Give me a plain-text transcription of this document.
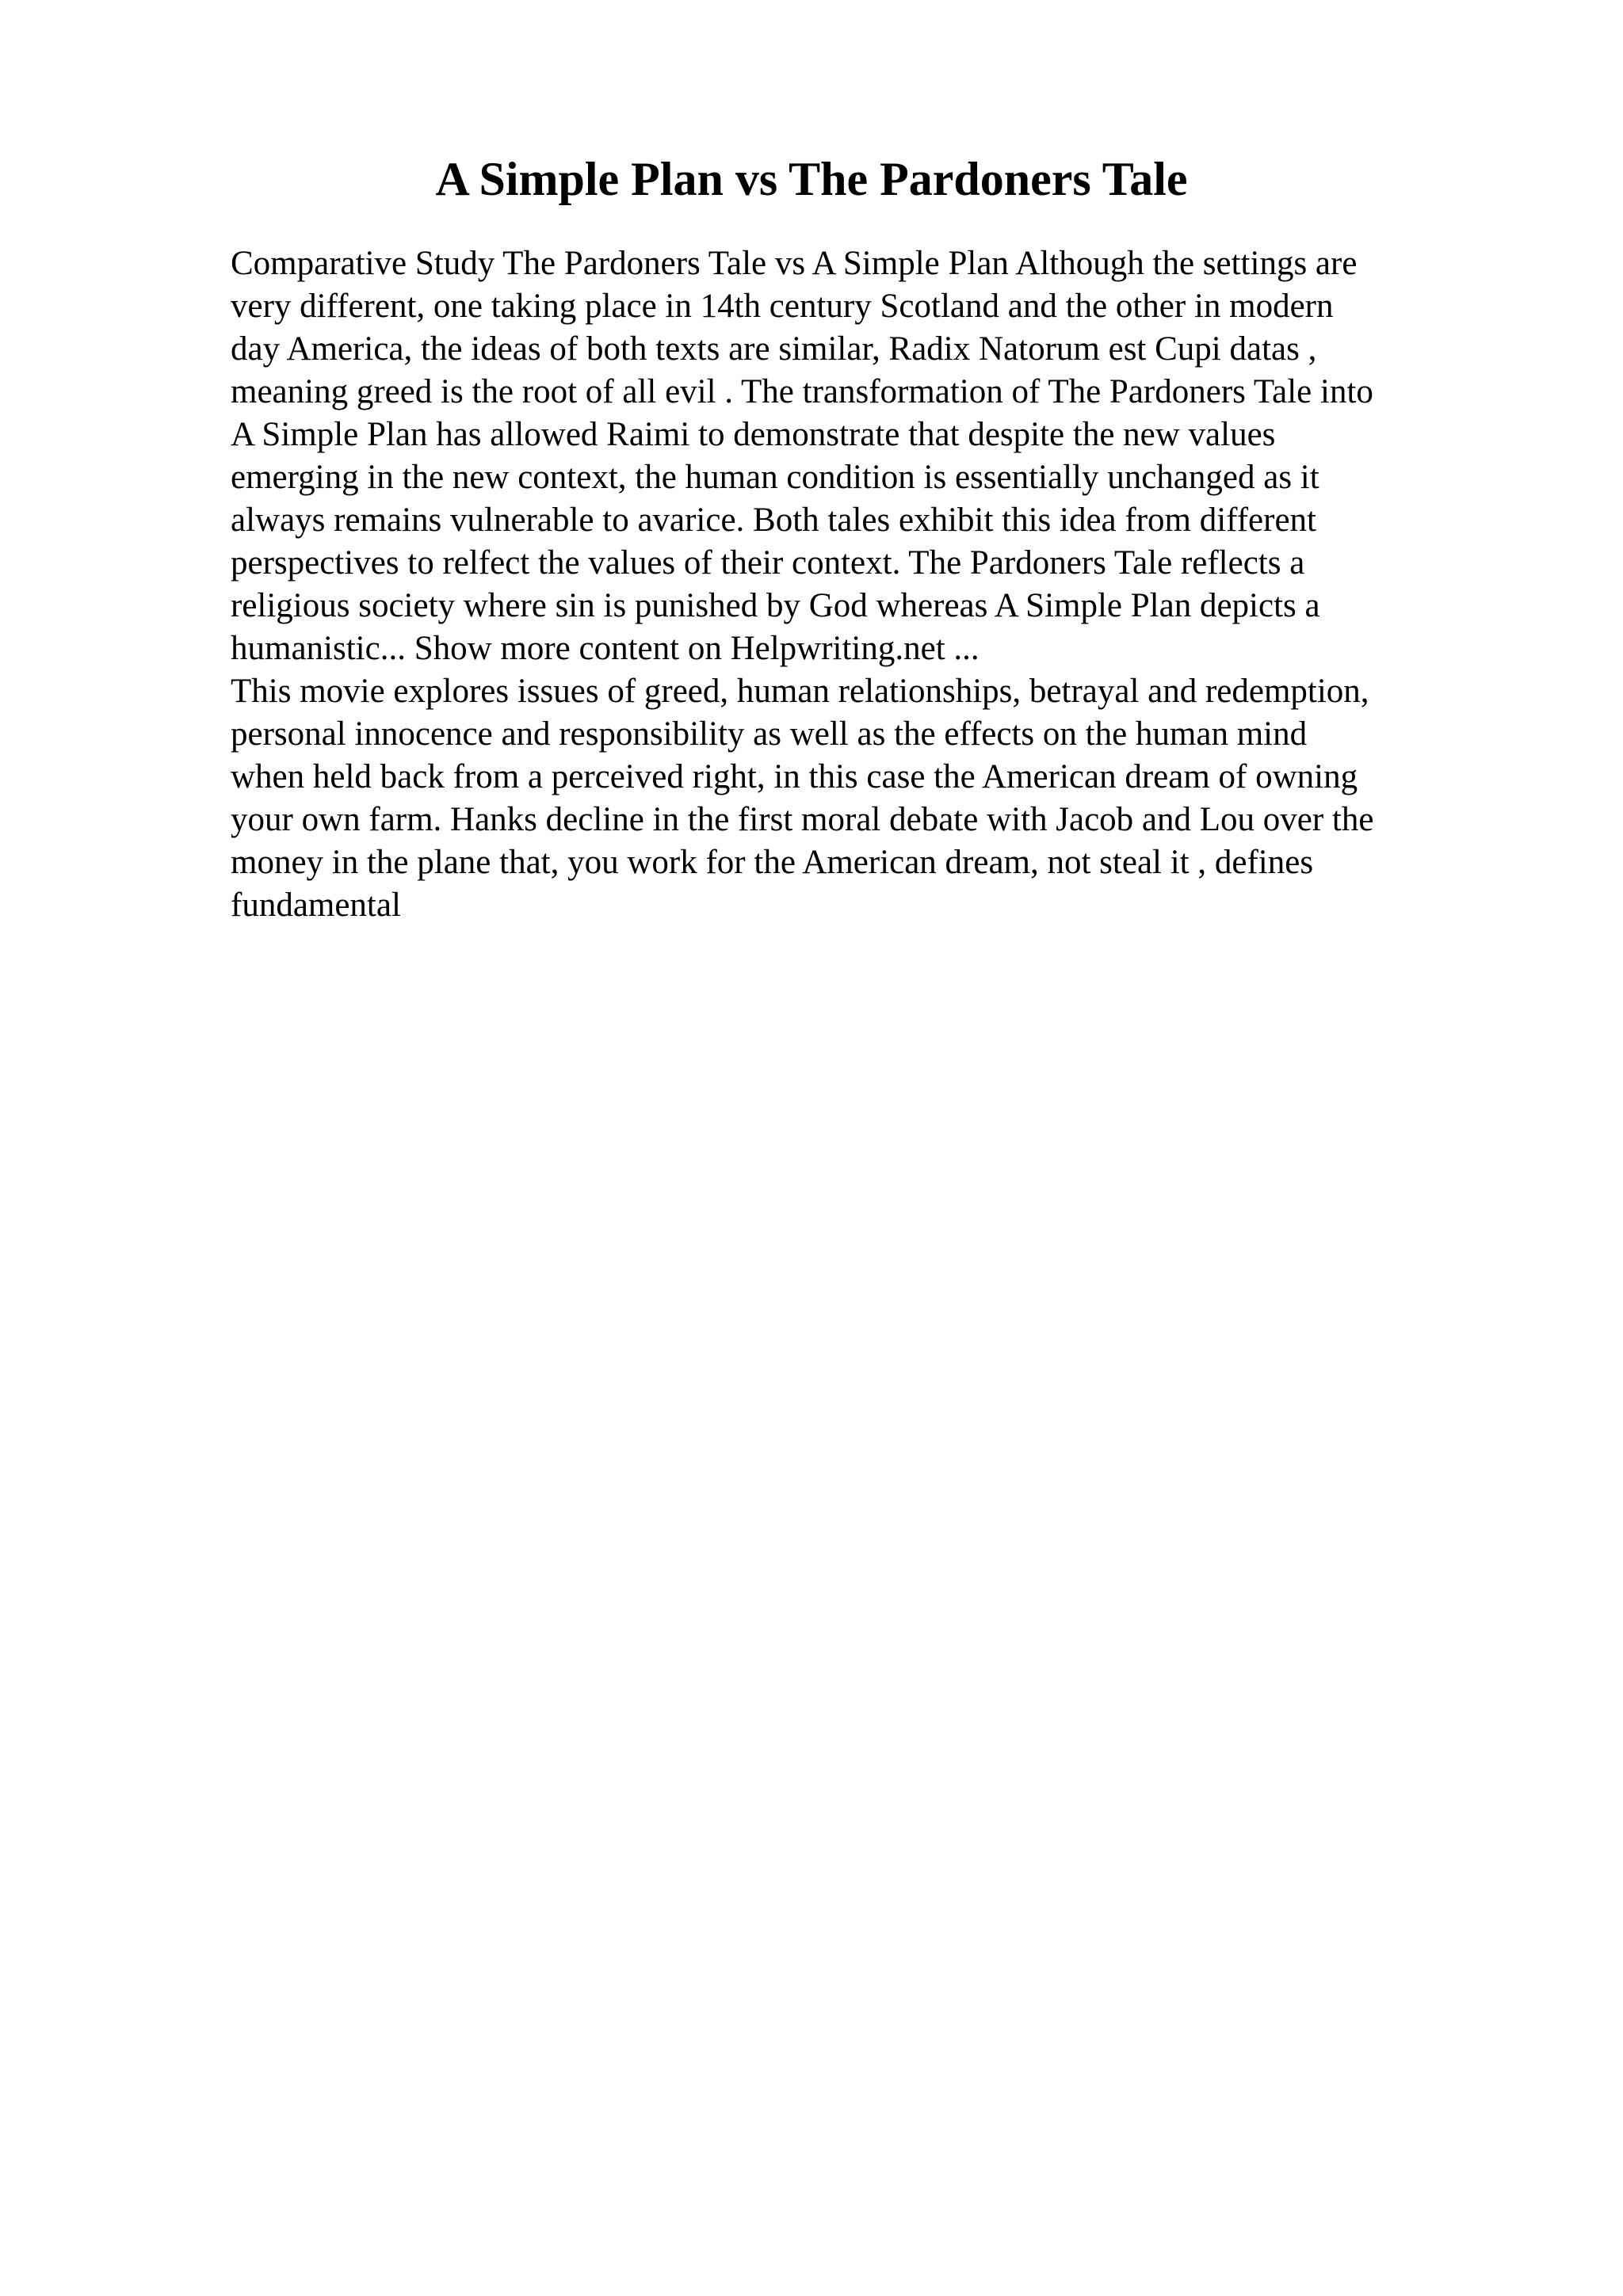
A Simple Plan vs The Pardoners Tale
Comparative Study The Pardoners Tale vs A Simple Plan Although the settings are
very different, one taking place in 14th century Scotland and the other in modern
day America, the ideas of both texts are similar, Radix Natorum est Cupi datas ,
meaning greed is the root of all evil . The transformation of The Pardoners Tale into
A Simple Plan has allowed Raimi to demonstrate that despite the new values
emerging in the new context, the human condition is essentially unchanged as it
always remains vulnerable to avarice. Both tales exhibit this idea from different
perspectives to relfect the values of their context. The Pardoners Tale reflects a
religious society where sin is punished by God whereas A Simple Plan depicts a
humanistic... Show more content on Helpwriting.net ...
This movie explores issues of greed, human relationships, betrayal and redemption,
personal innocence and responsibility as well as the effects on the human mind
when held back from a perceived right, in this case the American dream of owning
your own farm. Hanks decline in the first moral debate with Jacob and Lou over the
money in the plane that, you work for the American dream, not steal it , defines
fundamental
